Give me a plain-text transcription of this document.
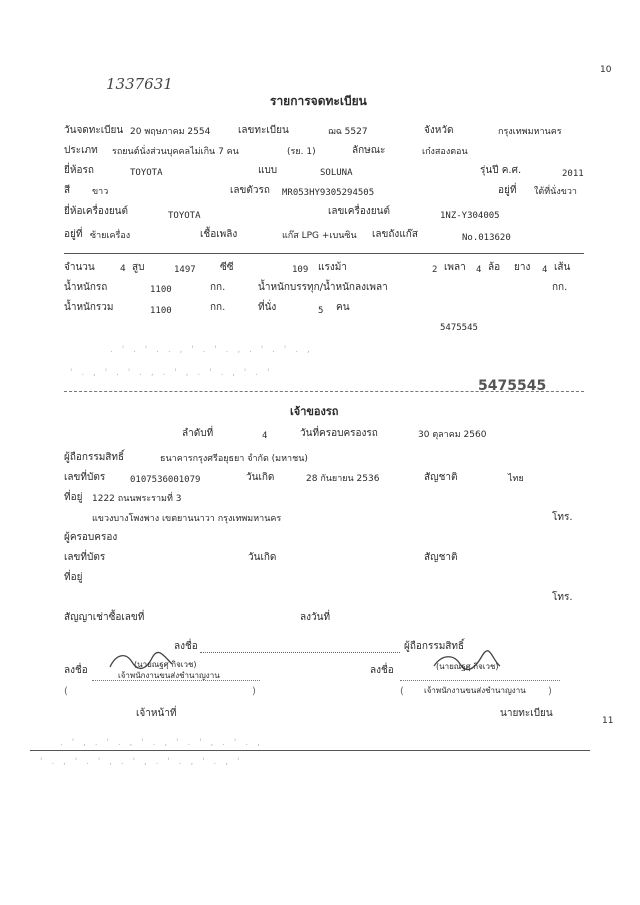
1337631
10
รายการจดทะเบียน
วันจดทะเบียน 20 พฤษภาคม 2554	เลขทะเบียน	ฌฉ 5527	จังหวัด	กรุงเทพมหานคร
ประเภท รถยนต์นั่งส่วนบุคคลไม่เกิน 7 คน	(รย. 1)	ลักษณะ	เก๋งสองตอน
ยี่ห้อรถ	TOYOTA	แบบ	SOLUNA	รุ่นปี ค.ศ.	2011
สี ขาว	เลขตัวรถ MR053HY9305294505	อยู่ที่ ใต้ที่นั่งขวา
ยี่ห้อเครื่องยนต์	TOYOTA	เลขเครื่องยนต์	1NZ-Y304005
อยู่ที่ ซ้ายเครื่อง	เชื้อเพลิง	แก๊ส LPG +เบนซิน เลขถังแก๊ส	No.013620
จำนวน	4 สูบ	1497 ซีซี	109 แรงม้า	2 เพลา 4 ล้อ ยาง 4 เส้น
น้ำหนักรถ	1100	กก.	น้ำหนักบรรทุก/น้ำหนักลงเพลา	กก.
น้ำหนักรวม	1100	กก.	ที่นั่ง	5 คน
5475545
. ' . ' . . , ' . ' . , . ' . ' . ,
' . , ' . ' . , . ' , . ' . , ' . '
5475545
เจ้าของรถ
ลำดับที่	4	วันที่ครอบครองรถ	30 ตุลาคม 2560
ผู้ถือกรรมสิทธิ์	ธนาคารกรุงศรีอยุธยา จำกัด (มหาชน)
เลขที่บัตร	0107536001079	วันเกิด	28 กันยายน 2536	สัญชาติ	ไทย
ที่อยู่ 1222 ถนนพระรามที่ 3
แขวงบางโพงพาง เขตยานนาวา กรุงเทพมหานคร	โทร.
ผู้ครอบครอง
เลขที่บัตร	วันเกิด	สัญชาติ
ที่อยู่
โทร.
สัญญาเช่าซื้อเลขที่	ลงวันที่
ลงชื่อ	ผู้ถือกรรมสิทธิ์
ลงชื่อ
(นายณฐศุ กิจเวช)
เจ้าพนักงานขนส่งชำนาญงาน
(	)
เจ้าหน้าที่
ลงชื่อ	(นายณฐศุ กิจเวช)
เจ้าพนักงานขนส่งชำนาญงาน
(	)
นายทะเบียน
11
. ' , . ' . , ' . , ' . ' , . ' . ,
' . , ' . ' , . ' , . ' . , ' . , '
